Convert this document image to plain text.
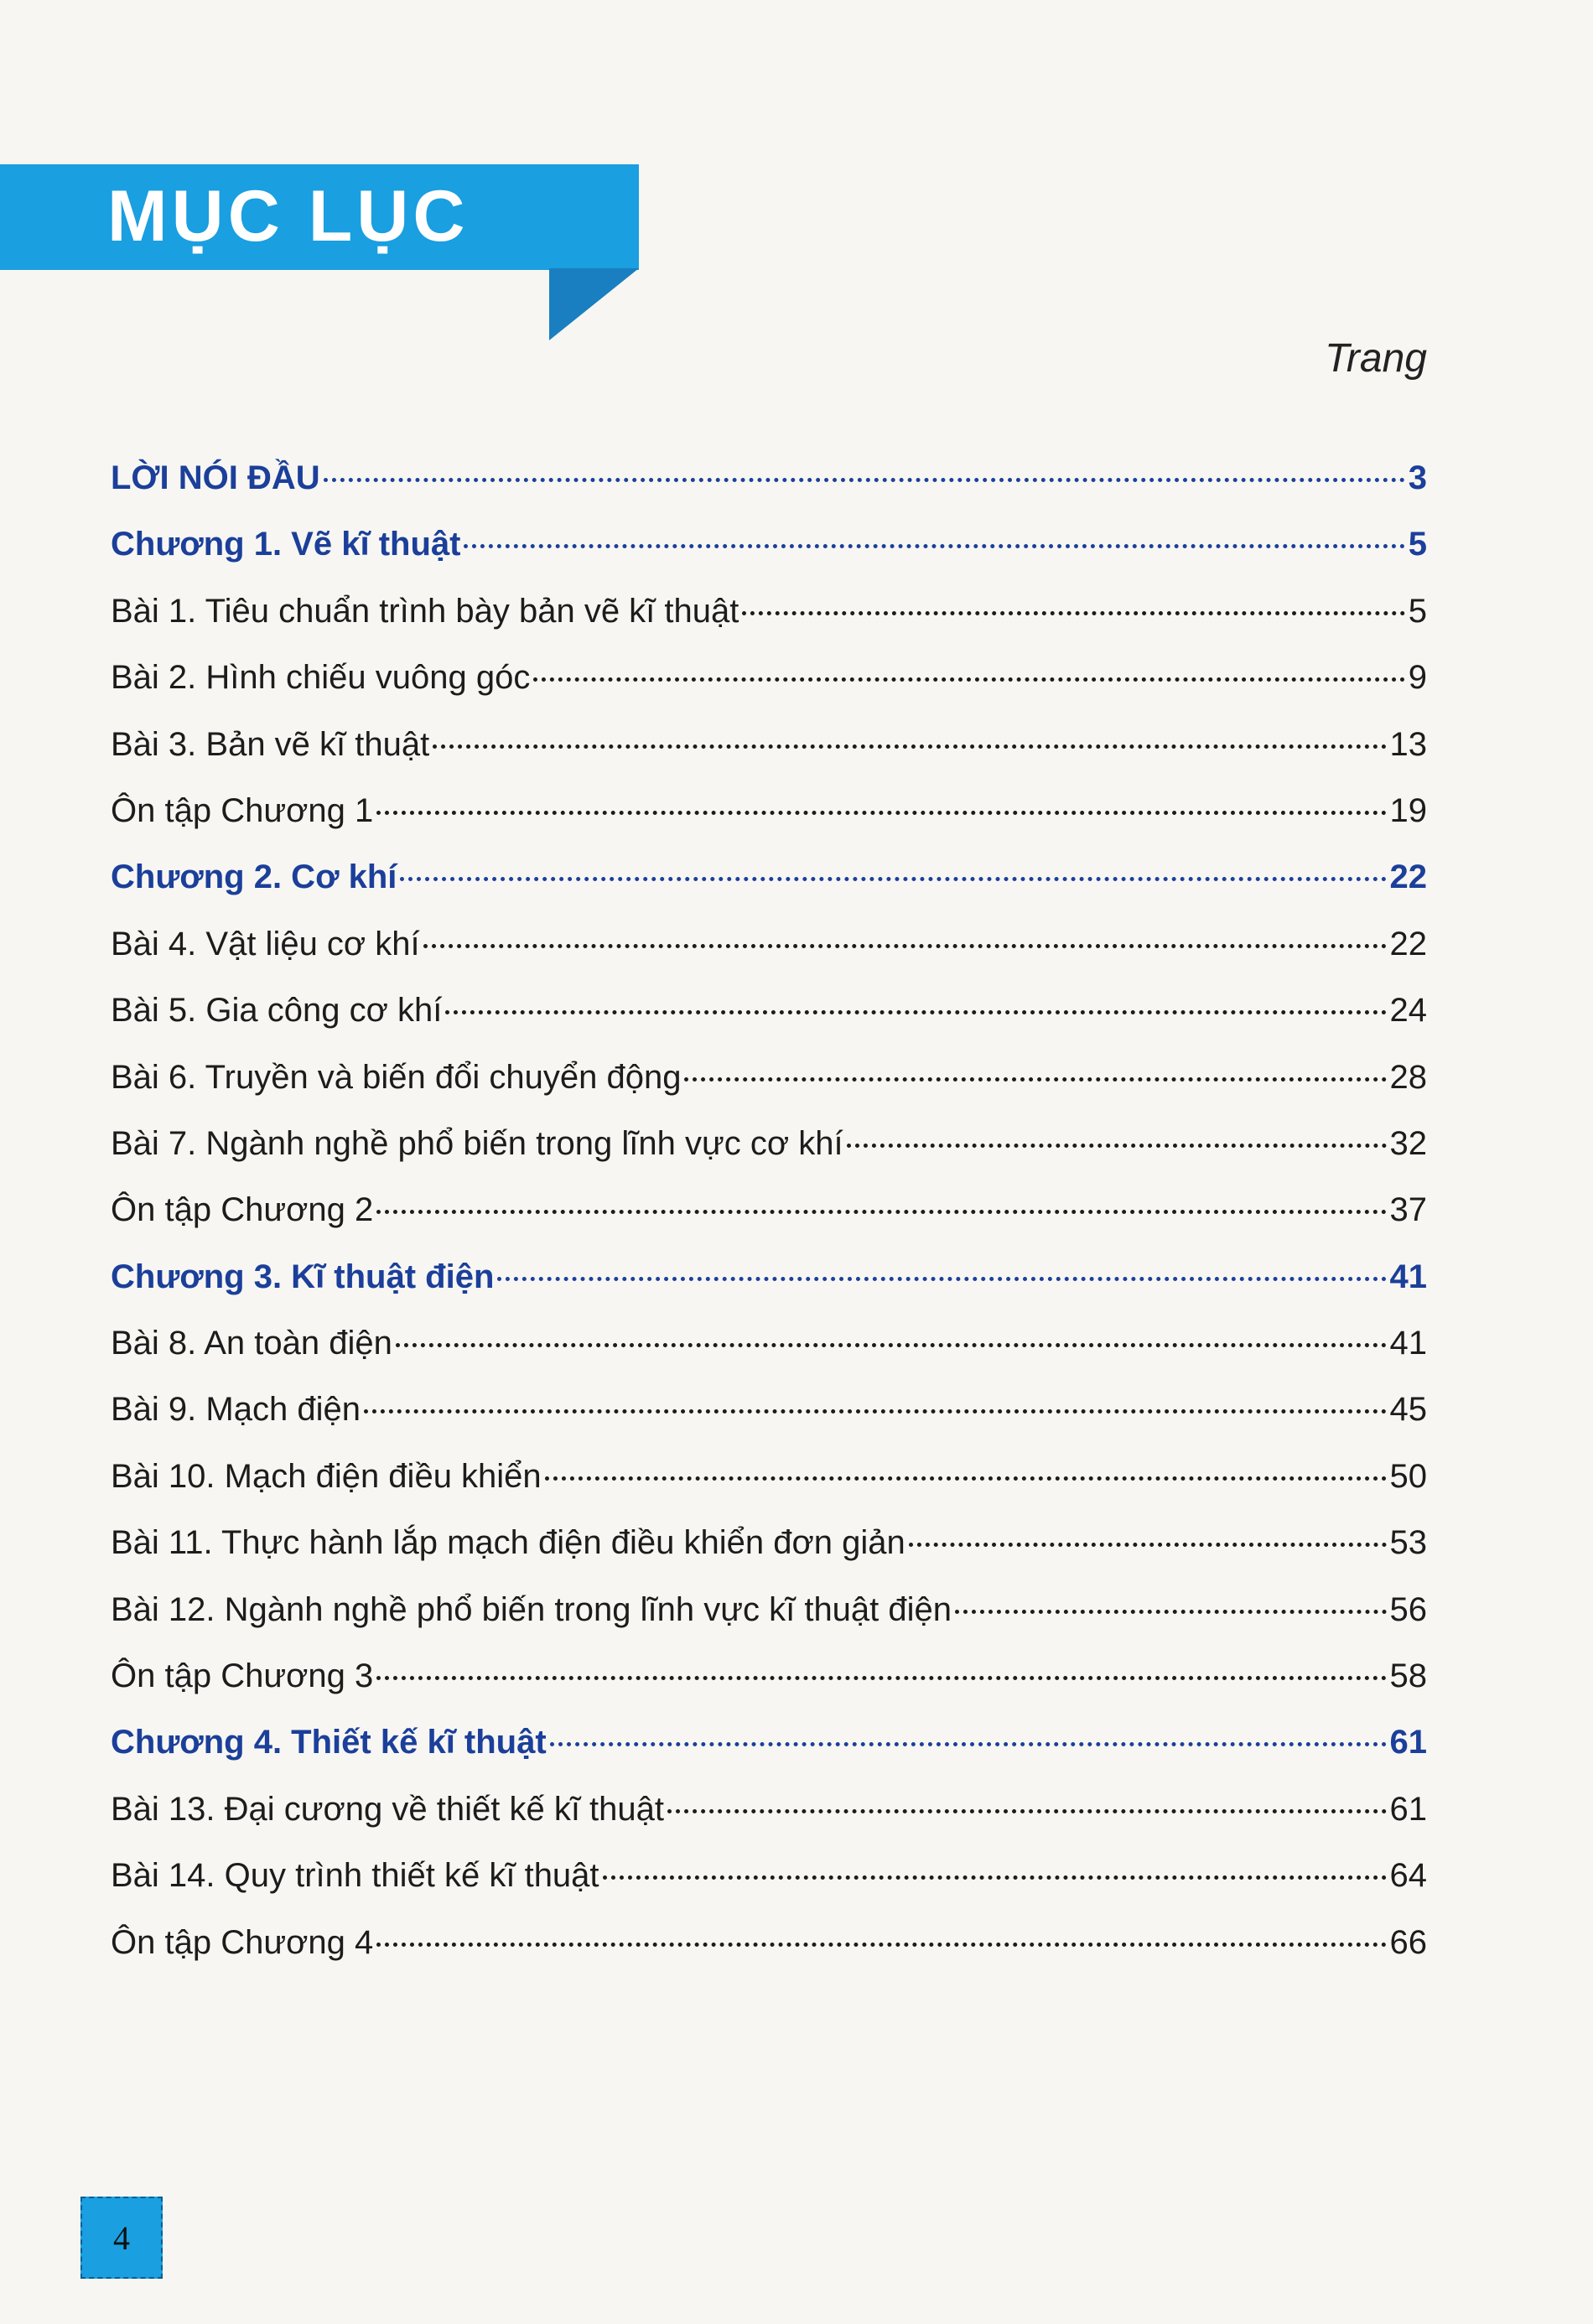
MỤC LỤC
Trang
LỜI NÓI ĐẦU	3
Chương 1. Vẽ kĩ thuật	5
Bài 1. Tiêu chuẩn trình bày bản vẽ kĩ thuật	5
Bài 2. Hình chiếu vuông góc	9
Bài 3. Bản vẽ kĩ thuật	13
Ôn tập Chương 1	19
Chương 2. Cơ khí	22
Bài 4. Vật liệu cơ khí	22
Bài 5. Gia công cơ khí	24
Bài 6. Truyền và biến đổi chuyển động	28
Bài 7. Ngành nghề phổ biến trong lĩnh vực cơ khí	32
Ôn tập Chương 2	37
Chương 3. Kĩ thuật điện	41
Bài 8. An toàn điện	41
Bài 9. Mạch điện	45
Bài 10. Mạch điện điều khiển	50
Bài 11. Thực hành lắp mạch điện điều khiển đơn giản	53
Bài 12. Ngành nghề phổ biến trong lĩnh vực kĩ thuật điện	56
Ôn tập Chương 3	58
Chương 4. Thiết kế kĩ thuật	61
Bài 13. Đại cương về thiết kế kĩ thuật	61
Bài 14. Quy trình thiết kế kĩ thuật	64
Ôn tập Chương 4	66
4
